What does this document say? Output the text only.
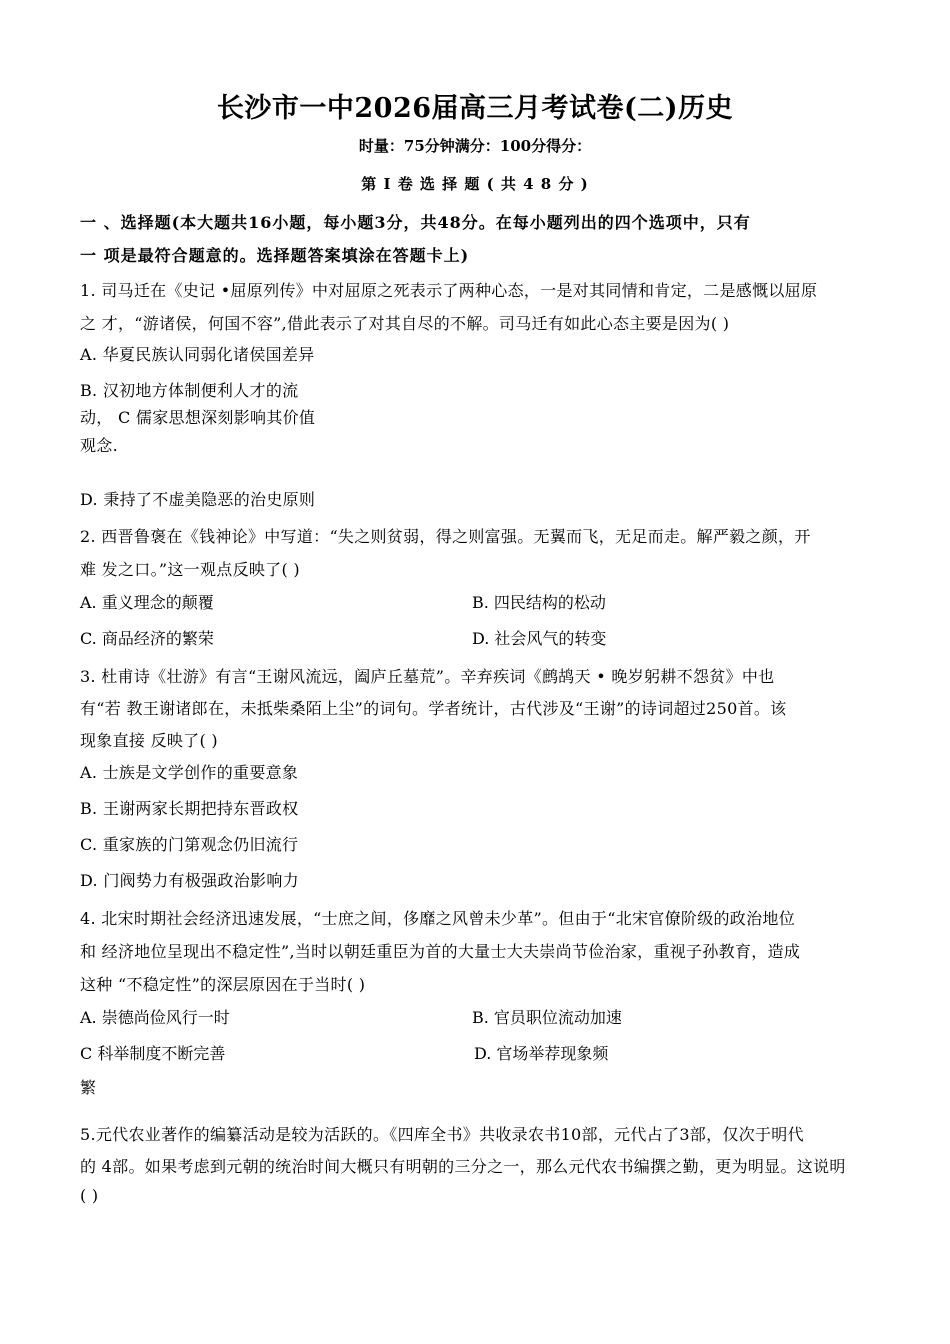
长沙市一中2026届高三月考试卷(二)历史
时量：75分钟满分：100分得分：
第 I 卷 选 择 题 ( 共 4 8 分 )
一 、选择题(本大题共16小题，每小题3分，共48分。在每小题列出的四个选项中，只有
一 项是最符合题意的。选择题答案填涂在答题卡上)
1. 司马迁在《史记 •屈原列传》中对屈原之死表示了两种心态，一是对其同情和肯定，二是感慨以屈原
之 才，“游诸侯，何国不容”,借此表示了对其自尽的不解。司马迁有如此心态主要是因为( )
A. 华夏民族认同弱化诸侯国差异
B. 汉初地方体制便利人才的流
动， C 儒家思想深刻影响其价值
观念.
D. 秉持了不虚美隐恶的治史原则
2. 西晋鲁褒在《钱神论》中写道：“失之则贫弱，得之则富强。无翼而飞，无足而走。解严毅之颜，开
难 发之口。”这一观点反映了( )
A. 重义理念的颠覆	B. 四民结构的松动
C. 商品经济的繁荣	D. 社会风气的转变
3. 杜甫诗《壮游》有言“王谢风流远，阖庐丘墓荒”。辛弃疾词《鹧鸪天 • 晚岁躬耕不怨贫》中也
有“若 教王谢诸郎在，未抵柴桑陌上尘”的词句。学者统计，古代涉及“王谢”的诗词超过250首。该
现象直接 反映了( )
A. 士族是文学创作的重要意象
B. 王谢两家长期把持东晋政权
C. 重家族的门第观念仍旧流行
D. 门阀势力有极强政治影响力
4. 北宋时期社会经济迅速发展，“士庶之间，侈靡之风曾未少革”。但由于“北宋官僚阶级的政治地位
和 经济地位呈现出不稳定性”,当时以朝廷重臣为首的大量士大夫崇尚节俭治家，重视子孙教育，造成
这种 “不稳定性”的深层原因在于当时( )
A. 崇德尚俭风行一时	B. 官员职位流动加速
C 科举制度不断完善	D. 官场举荐现象频
繁
5.元代农业著作的编纂活动是较为活跃的。《四库全书》共收录农书10部，元代占了3部，仅次于明代
的 4部。如果考虑到元朝的统治时间大概只有明朝的三分之一，那么元代农书编撰之勤，更为明显。这说明
( )
